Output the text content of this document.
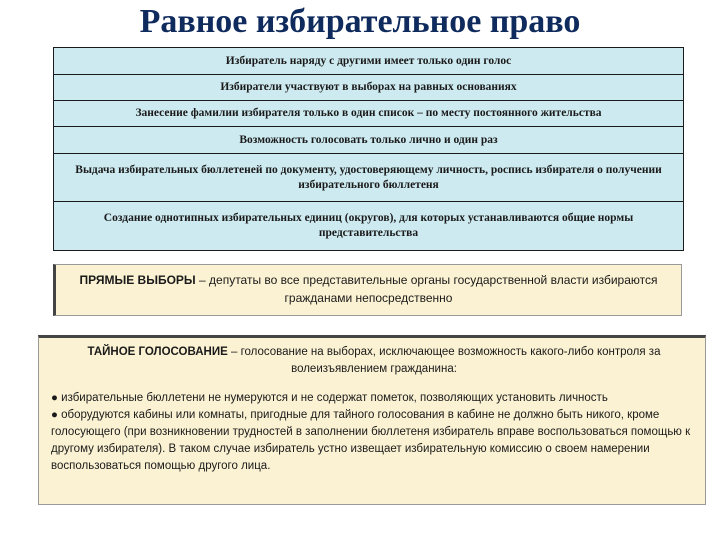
Равное избирательное право
Избиратель наряду с другими имеет только один голос
Избиратели участвуют в выборах на равных основаниях
Занесение фамилии избирателя только в один список – по месту постоянного жительства
Возможность голосовать только лично и один раз
Выдача избирательных бюллетеней по документу, удостоверяющему личность, роспись избирателя о получении избирательного бюллетеня
Создание однотипных избирательных единиц (округов), для которых устанавливаются общие нормы представительства
ПРЯМЫЕ ВЫБОРЫ – депутаты во все представительные органы государственной власти избираются гражданами непосредственно
ТАЙНОЕ ГОЛОСОВАНИЕ – голосование на выборах, исключающее возможность какого-либо контроля за волеизъявлением гражданина:
● избирательные бюллетени не нумеруются и не содержат пометок, позволяющих установить личность
● оборудуются кабины или комнаты, пригодные для тайного голосования в кабине не должно быть никого, кроме голосующего (при возникновении трудностей в заполнении бюллетеня избиратель вправе воспользоваться помощью к другому избирателя). В таком случае избиратель устно извещает избирательную комиссию о своем намерении воспользоваться помощью другого лица.
